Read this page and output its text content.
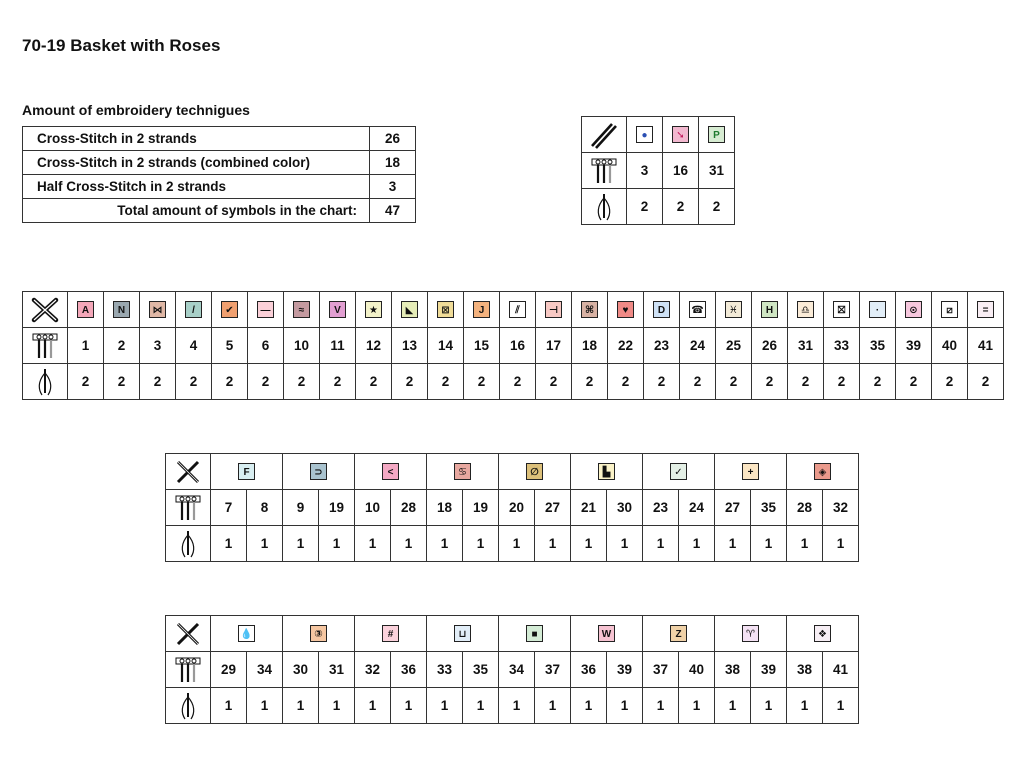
70-19 Basket with Roses

Amount of embroidery technigues

Cross-Stitch in 2 strands	26
Cross-Stitch in 2 strands (combined color)	18
Half Cross-Stitch in 2 strands	3
Total amount of symbols in the chart:	47
	●	➘	P

	3	16	31

	2	2	2
	A	N	⋈	/	✔	—	≈	V	★	◣	⊠	J	⫽	⊣	⌘	♥	D	☎	♓	H	♎	⛝	·	⊙	⧄	=

	1	2	3	4	5	6	10	11	12	13	14	15	16	17	18	22	23	24	25	26	31	33	35	39	40	41

	2	2	2	2	2	2	2	2	2	2	2	2	2	2	2	2	2	2	2	2	2	2	2	2	2	2
	F		⊃		<		♋		∅		▙		✓		+		◈	

	7	8	9	19	10	28	18	19	20	27	21	30	23	24	27	35	28	32

	1	1	1	1	1	1	1	1	1	1	1	1	1	1	1	1	1	1
	💧		③		#		⊔		■		W		Z		♈		❖	

	29	34	30	31	32	36	33	35	34	37	36	39	37	40	38	39	38	41

	1	1	1	1	1	1	1	1	1	1	1	1	1	1	1	1	1	1
